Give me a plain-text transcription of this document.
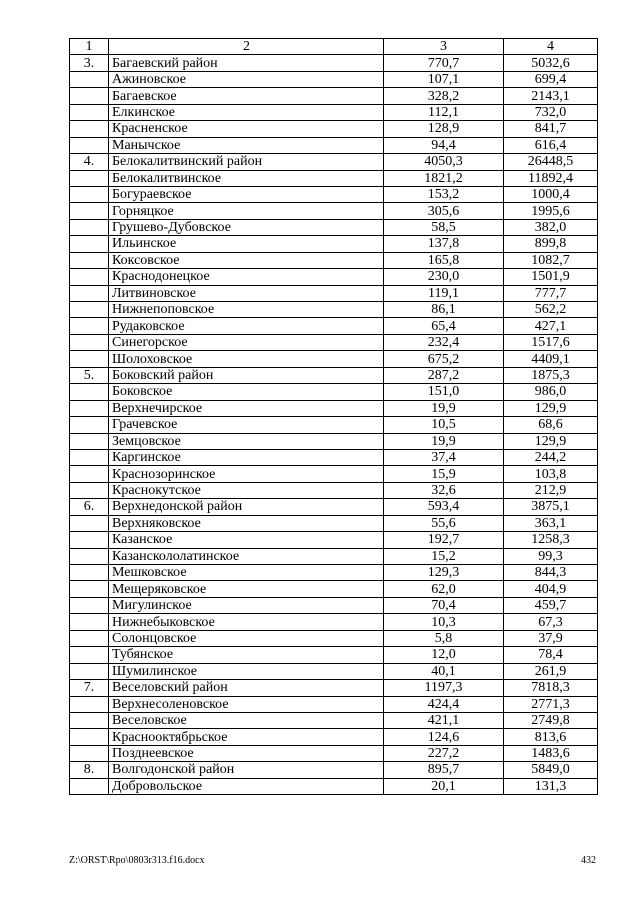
1	2	3	4
3.	Багаевский район	770,7	5032,6
	Ажиновское	107,1	699,4
	Багаевское	328,2	2143,1
	Елкинское	112,1	732,0
	Красненское	128,9	841,7
	Манычское	94,4	616,4
4.	Белокалитвинский район	4050,3	26448,5
	Белокалитвинское	1821,2	11892,4
	Богураевское	153,2	1000,4
	Горняцкое	305,6	1995,6
	Грушево-Дубовское	58,5	382,0
	Ильинское	137,8	899,8
	Коксовское	165,8	1082,7
	Краснодонецкое	230,0	1501,9
	Литвиновское	119,1	777,7
	Нижнепоповское	86,1	562,2
	Рудаковское	65,4	427,1
	Синегорское	232,4	1517,6
	Шолоховское	675,2	4409,1
5.	Боковский район	287,2	1875,3
	Боковское	151,0	986,0
	Верхнечирское	19,9	129,9
	Грачевское	10,5	68,6
	Земцовское	19,9	129,9
	Каргинское	37,4	244,2
	Краснозоринское	15,9	103,8
	Краснокутское	32,6	212,9
6.	Верхнедонской район	593,4	3875,1
	Верхняковское	55,6	363,1
	Казанское	192,7	1258,3
	Казанскололатинское	15,2	99,3
	Мешковское	129,3	844,3
	Мещеряковское	62,0	404,9
	Мигулинское	70,4	459,7
	Нижнебыковское	10,3	67,3
	Солонцовское	5,8	37,9
	Тубянское	12,0	78,4
	Шумилинское	40,1	261,9
7.	Веселовский район	1197,3	7818,3
	Верхнесоленовское	424,4	2771,3
	Веселовское	421,1	2749,8
	Краснооктябрьское	124,6	813,6
	Позднеевское	227,2	1483,6
8.	Волгодонской район	895,7	5849,0
	Добровольское	20,1	131,3
Z:\ORST\Rpo\0803r313.f16.docx	432
